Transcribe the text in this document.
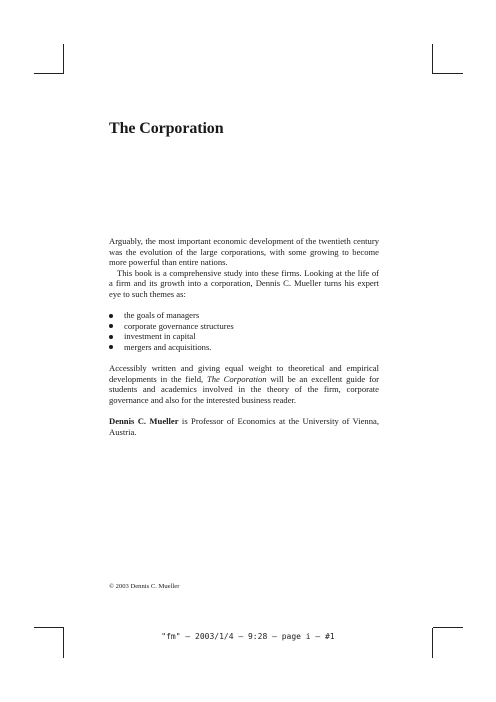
The Corporation

Arguably, the most important economic development of the twentieth century was the evolution of the large corporations, with some growing to become more powerful than entire nations.

This book is a comprehensive study into these firms. Looking at the life of a firm and its growth into a corporation, Dennis C. Mueller turns his expert eye to such themes as:

the goals of managers
corporate governance structures
investment in capital
mergers and acquisitions.

Accessibly written and giving equal weight to theoretical and empirical developments in the field, The Corporation will be an excellent guide for students and academics involved in the theory of the firm, corporate governance and also for the interested business reader.

Dennis C. Mueller is Professor of Economics at the University of Vienna, Austria.

© 2003 Dennis C. Mueller
"fm" — 2003/1/4 — 9:28 — page i — #1
